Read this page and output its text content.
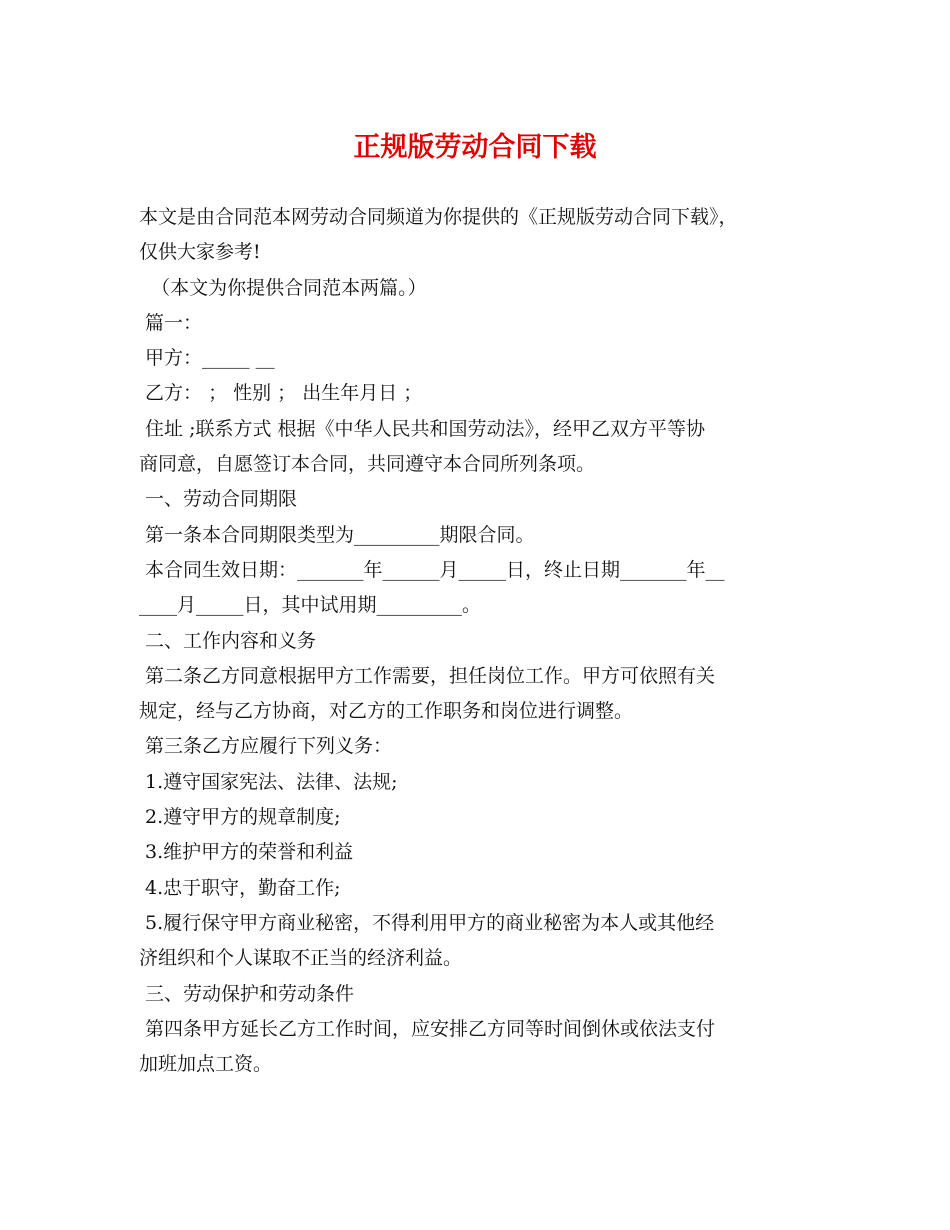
正规版劳动合同下载

本文是由合同范本网劳动合同频道为你提供的《正规版劳动合同下载》，

仅供大家参考!

（本文为你提供合同范本两篇。）

篇一：

甲方：_____ __

乙方： ； 性别 ； 出生年月日 ；

住址 ;联系方式 根据《中华人民共和国劳动法》，经甲乙双方平等协

商同意，自愿签订本合同，共同遵守本合同所列条项。

一、劳动合同期限

第一条本合同期限类型为_________期限合同。

本合同生效日期：_______年______月_____日，终止日期_______年__

____月_____日，其中试用期_________。

二、工作内容和义务

第二条乙方同意根据甲方工作需要，担任岗位工作。甲方可依照有关

规定，经与乙方协商，对乙方的工作职务和岗位进行调整。

第三条乙方应履行下列义务：

1.遵守国家宪法、法律、法规;

2.遵守甲方的规章制度;

3.维护甲方的荣誉和利益

4.忠于职守，勤奋工作;

5.履行保守甲方商业秘密，不得利用甲方的商业秘密为本人或其他经

济组织和个人谋取不正当的经济利益。

三、劳动保护和劳动条件

第四条甲方延长乙方工作时间，应安排乙方同等时间倒休或依法支付

加班加点工资。
